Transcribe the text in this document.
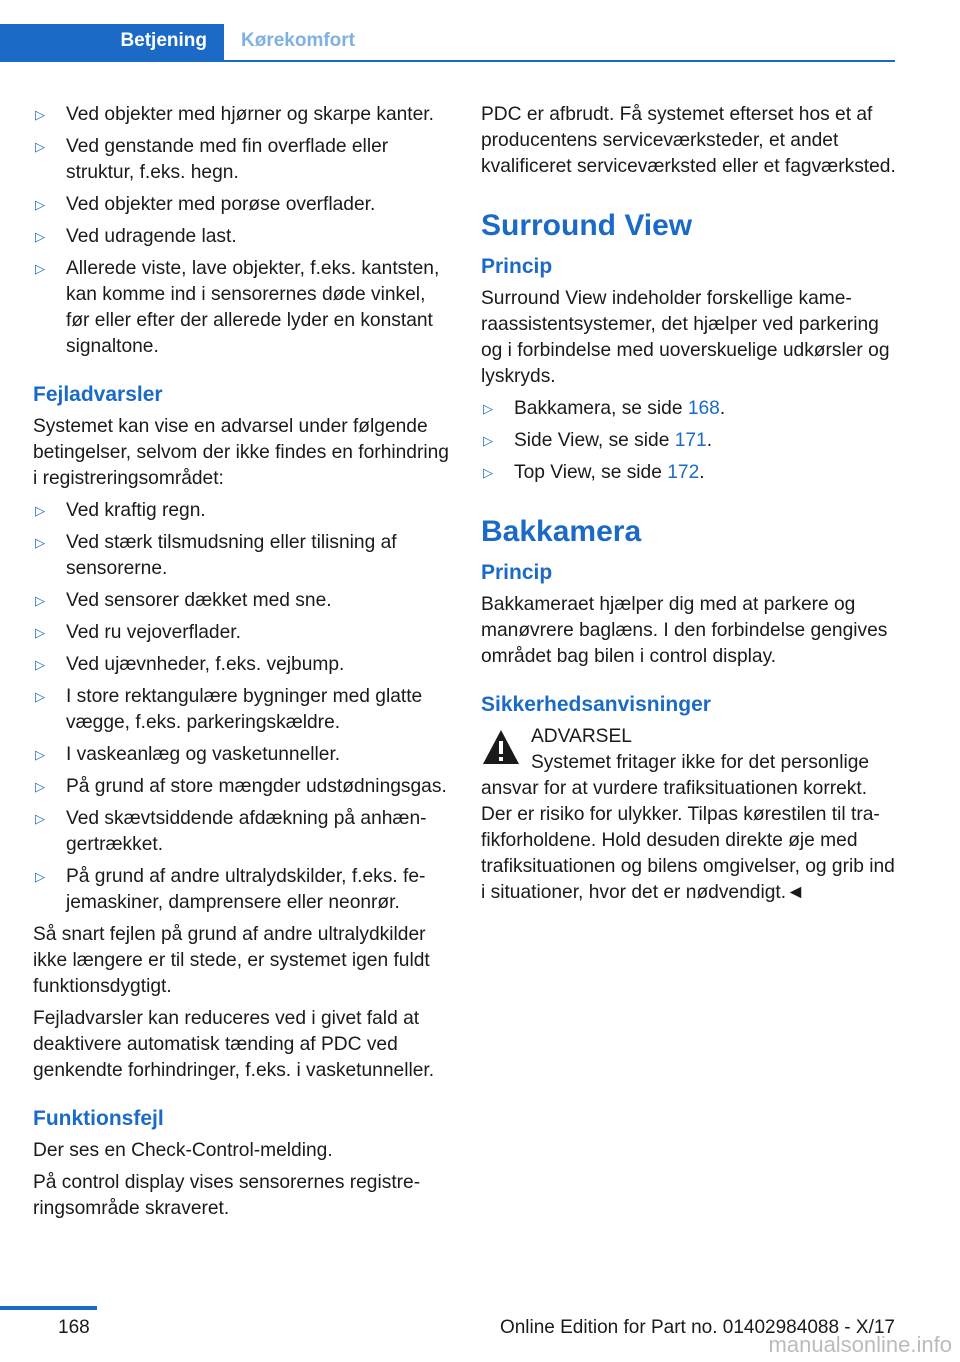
Betjening Kørekomfort
▷ Ved objekter med hjørner og skarpe kanter.
▷ Ved genstande med fin overflade eller struktur, f.eks. hegn.
▷ Ved objekter med porøse overflader.
▷ Ved udragende last.
▷ Allerede viste, lave objekter, f.eks. kantsten, kan komme ind i sensorernes døde vinkel, før eller efter der allerede lyder en konstant signaltone.
Fejladvarsler

Systemet kan vise en advarsel under følgende betingelser, selvom der ikke findes en forhindring i registreringsområdet:

▷ Ved kraftig regn.
▷ Ved stærk tilsmudsning eller tilisning af sensorerne.
▷ Ved sensorer dækket med sne.
▷ Ved ru vejoverflader.
▷ Ved ujævnheder, f.eks. vejbump.
▷ I store rektangulære bygninger med glatte vægge, f.eks. parkeringskældre.
▷ I vaskeanlæg og vasketunneller.
▷ På grund af store mængder udstødningsgas.
▷ Ved skævtsiddende afdækning på anhængertrækket.
▷ På grund af andre ultralydskilder, f.eks. fejemaskiner, damprensere eller neonrør.

Så snart fejlen på grund af andre ultralydkilder ikke længere er til stede, er systemet igen fuldt funktionsdygtigt.

Fejladvarsler kan reduceres ved i givet fald at deaktivere automatisk tænding af PDC ved genkendte forhindringer, f.eks. i vasketunneller.

Funktionsfejl

Der ses en Check-Control-melding.

På control display vises sensorernes registreringsområde skraveret.

PDC er afbrudt. Få systemet efterset hos et af producentens serviceværksteder, et andet kvalificeret serviceværksted eller et fagværksted.

Surround View
Princip

Surround View indeholder forskellige kameraassistentsystemer, det hjælper ved parkering og i forbindelse med uoverskuelige udkørsler og lyskryds.

▷ Bakkamera, se side 168.
▷ Side View, se side 171.
▷ Top View, se side 172.
Bakkamera
Princip

Bakkameraet hjælper dig med at parkere og manøvrere baglæns. I den forbindelse gengives området bag bilen i control display.

Sikkerhedsanvisninger
ADVARSEL
Systemet fritager ikke for det personlige ansvar for at vurdere trafiksituationen korrekt. Der er risiko for ulykker. Tilpas kørestilen til trafikforholdene. Hold desuden direkte øje med trafiksituationen og bilens omgivelser, og grib ind i situationer, hvor det er nødvendigt.◄
168	Online Edition for Part no. 01402984088 - X/17
manualsonline.info
